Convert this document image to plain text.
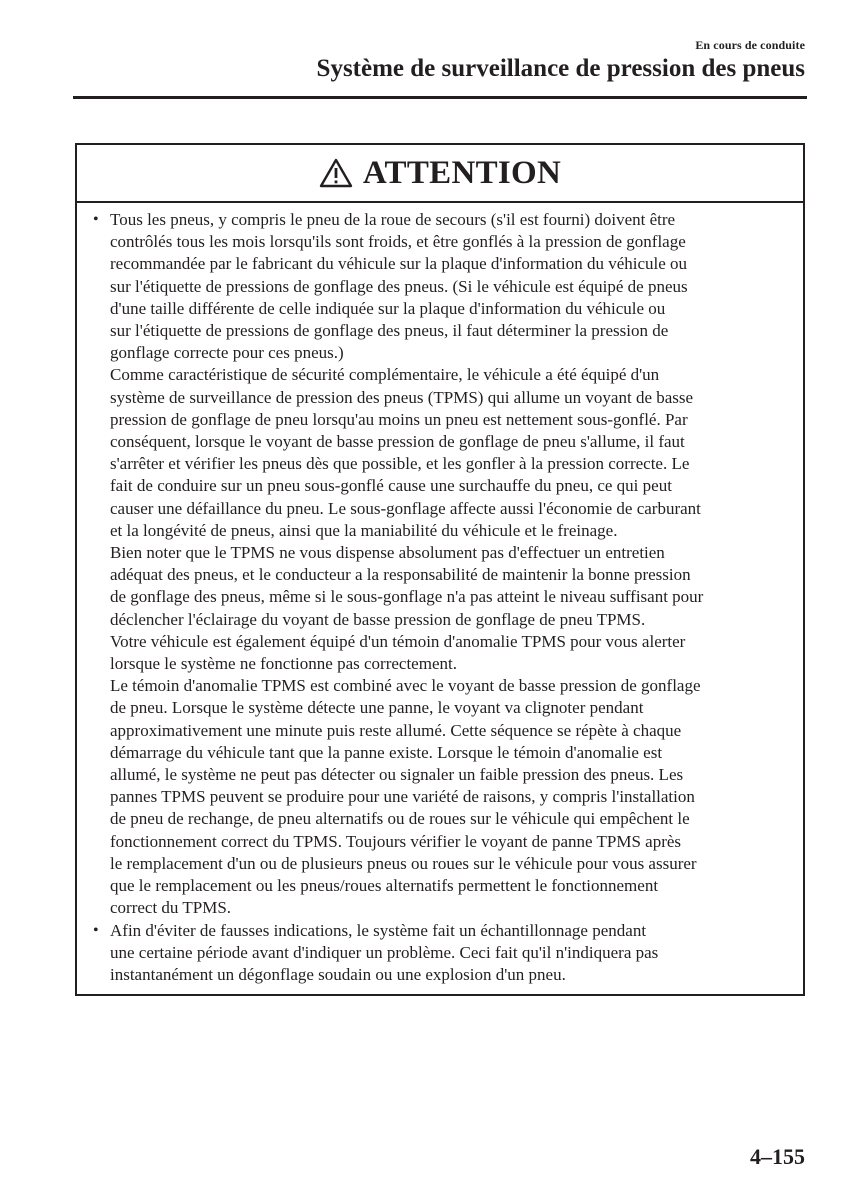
En cours de conduite
Système de surveillance de pression des pneus
ATTENTION
• Tous les pneus, y compris le pneu de la roue de secours (s'il est fourni) doivent être
contrôlés tous les mois lorsqu'ils sont froids, et être gonflés à la pression de gonflage
recommandée par le fabricant du véhicule sur la plaque d'information du véhicule ou
sur l'étiquette de pressions de gonflage des pneus. (Si le véhicule est équipé de pneus
d'une taille différente de celle indiquée sur la plaque d'information du véhicule ou
sur l'étiquette de pressions de gonflage des pneus, il faut déterminer la pression de
gonflage correcte pour ces pneus.)
Comme caractéristique de sécurité complémentaire, le véhicule a été équipé d'un
système de surveillance de pression des pneus (TPMS) qui allume un voyant de basse
pression de gonflage de pneu lorsqu'au moins un pneu est nettement sous-gonflé. Par
conséquent, lorsque le voyant de basse pression de gonflage de pneu s'allume, il faut
s'arrêter et vérifier les pneus dès que possible, et les gonfler à la pression correcte. Le
fait de conduire sur un pneu sous-gonflé cause une surchauffe du pneu, ce qui peut
causer une défaillance du pneu. Le sous-gonflage affecte aussi l'économie de carburant
et la longévité de pneus, ainsi que la maniabilité du véhicule et le freinage.
Bien noter que le TPMS ne vous dispense absolument pas d'effectuer un entretien
adéquat des pneus, et le conducteur a la responsabilité de maintenir la bonne pression
de gonflage des pneus, même si le sous-gonflage n'a pas atteint le niveau suffisant pour
déclencher l'éclairage du voyant de basse pression de gonflage de pneu TPMS.
Votre véhicule est également équipé d'un témoin d'anomalie TPMS pour vous alerter
lorsque le système ne fonctionne pas correctement.
Le témoin d'anomalie TPMS est combiné avec le voyant de basse pression de gonflage
de pneu. Lorsque le système détecte une panne, le voyant va clignoter pendant
approximativement une minute puis reste allumé. Cette séquence se répète à chaque
démarrage du véhicule tant que la panne existe. Lorsque le témoin d'anomalie est
allumé, le système ne peut pas détecter ou signaler un faible pression des pneus. Les
pannes TPMS peuvent se produire pour une variété de raisons, y compris l'installation
de pneu de rechange, de pneu alternatifs ou de roues sur le véhicule qui empêchent le
fonctionnement correct du TPMS. Toujours vérifier le voyant de panne TPMS après
le remplacement d'un ou de plusieurs pneus ou roues sur le véhicule pour vous assurer
que le remplacement ou les pneus/roues alternatifs permettent le fonctionnement
correct du TPMS.
• Afin d'éviter de fausses indications, le système fait un échantillonnage pendant
une certaine période avant d'indiquer un problème. Ceci fait qu'il n'indiquera pas
instantanément un dégonflage soudain ou une explosion d'un pneu.
4–155
